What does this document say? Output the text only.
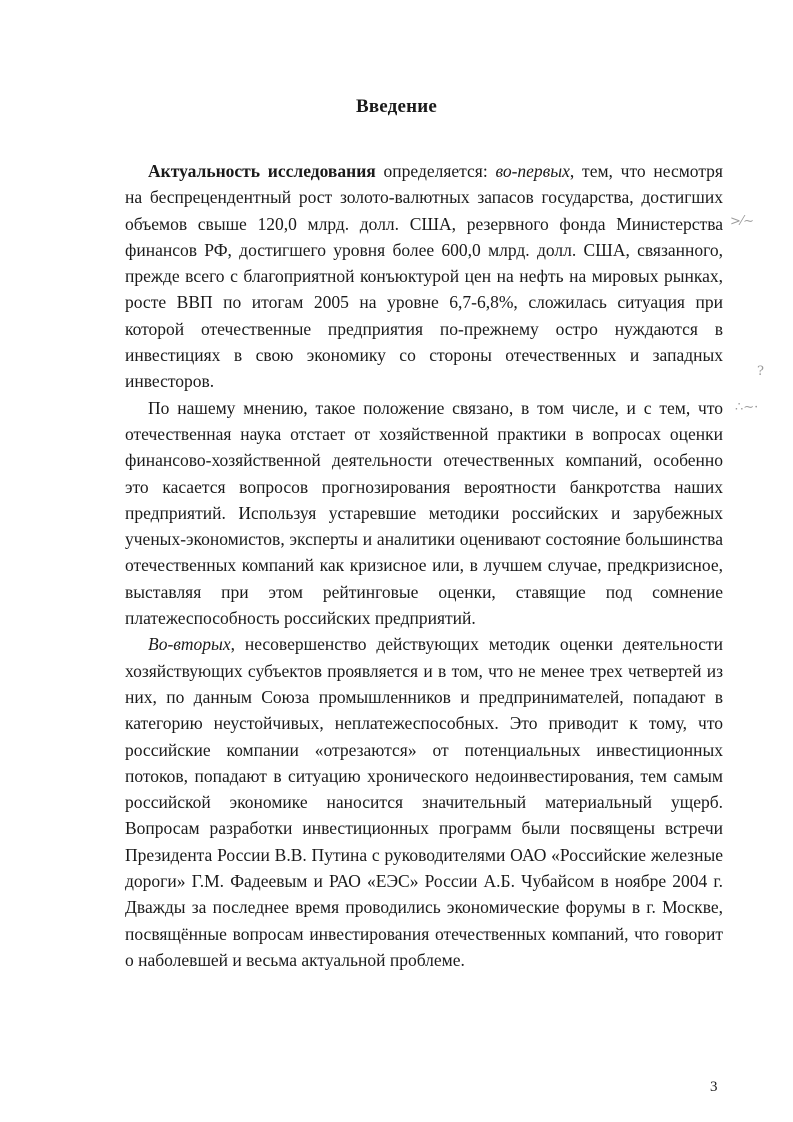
Введение

Актуальность исследования определяется: во-первых, тем, что несмотря на беспрецендентный рост золото-валютных запасов государства, достигших объемов свыше 120,0 млрд. долл. США, резервного фонда Министерства финансов РФ, достигшего уровня более 600,0 млрд. долл. США, связанного, прежде всего с благоприятной конъюктурой цен на нефть на мировых рынках, росте ВВП по итогам 2005 на уровне 6,7-6,8%, сложилась ситуация при которой отечественные предприятия по-прежнему остро нуждаются в инвестициях в свою экономику со стороны отечественных и западных инвесторов.

По нашему мнению, такое положение связано, в том числе, и с тем, что отечественная наука отстает от хозяйственной практики в вопросах оценки финансово-хозяйственной деятельности отечественных компаний, особенно это касается вопросов прогнозирования вероятности банкротства наших предприятий. Используя устаревшие методики российских и зарубежных ученых-экономистов, эксперты и аналитики оценивают состояние большинства отечественных компаний как кризисное или, в лучшем случае, предкризисное, выставляя при этом рейтинговые оценки, ставящие под сомнение платежеспособность российских предприятий.

Во-вторых, несовершенство действующих методик оценки деятельности хозяйствующих субъектов проявляется и в том, что не менее трех четвертей из них, по данным Союза промышленников и предпринимателей, попадают в категорию неустойчивых, неплатежеспособных. Это приводит к тому, что российские компании «отрезаются» от потенциальных инвестиционных потоков, попадают в ситуацию хронического недоинвестирования, тем самым российской экономике наносится значительный материальный ущерб. Вопросам разработки инвестиционных программ были посвящены встречи Президента России В.В. Путина с руководителями ОАО «Российские железные дороги» Г.М. Фадеевым и РАО «ЕЭС» России А.Б. Чубайсом в ноябре 2004 г. Дважды за последнее время проводились экономические форумы в г. Москве, посвящённые вопросам инвестирования отечественных компаний, что говорит о наболевшей и весьма актуальной проблеме.

>⁄∼
?
∴∼·
3
